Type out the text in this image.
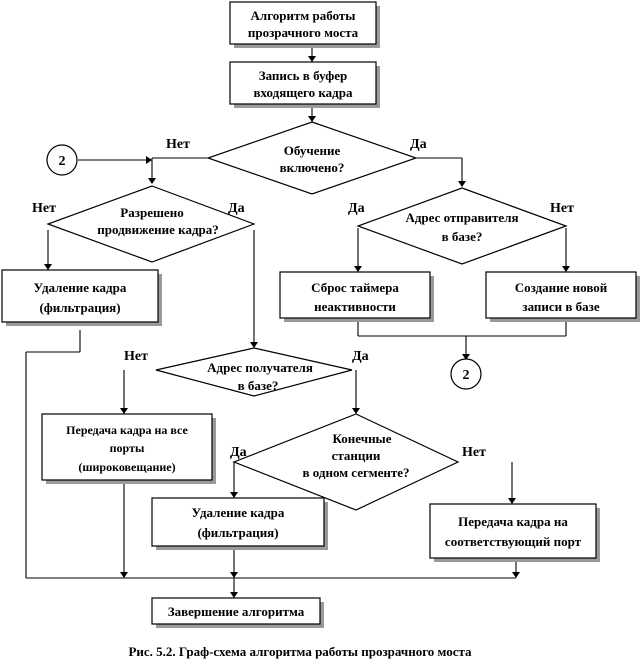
Алгоритм работы
прозрачного моста
Запись в буфер
входящего кадра
Удаление кадра
(фильтрация)
Сброс таймера
неактивности
Создание новой
записи в базе
Передача кадра на все
порты
(широковещание)
Удаление кадра
(фильтрация)
Передача кадра на
соответствующий порт
Завершение алгоритма
Обучение
включено?
Разрешено
продвижение кадра?
Адрес отправителя
в базе?
Адрес получателя
в базе?
Конечные
станции
в одном сегменте?
Нет	Да
Нет	Да	Да	Нет
Нет	Да
Да	Нет
2
2
Рис. 5.2. Граф-схема алгоритма работы прозрачного моста
